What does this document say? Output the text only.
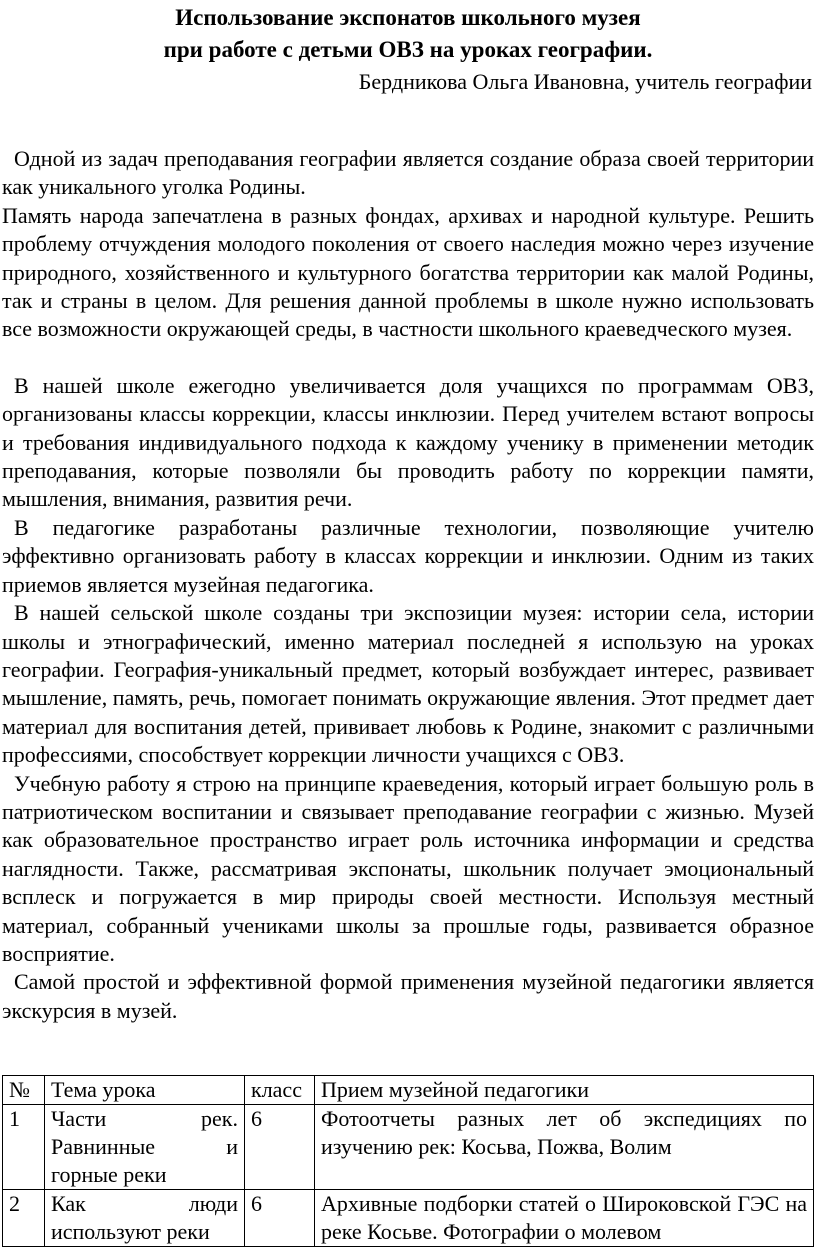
Использование экспонатов школьного музея
при работе с детьми ОВЗ на уроках географии.
Бердникова Ольга Ивановна, учитель географии

Одной из задач преподавания географии является создание образа своей территории как уникального уголка Родины.

Память народа запечатлена в разных фондах, архивах и народной культуре. Решить проблему отчуждения молодого поколения от своего наследия можно через изучение природного, хозяйственного и культурного богатства территории как малой Родины, так и страны в целом. Для решения данной проблемы в школе нужно использовать все возможности окружающей среды, в частности школьного краеведческого музея.

В нашей школе ежегодно увеличивается доля учащихся по программам ОВЗ, организованы классы коррекции, классы инклюзии. Перед учителем встают вопросы и требования индивидуального подхода к каждому ученику в применении методик преподавания, которые позволяли бы проводить работу по коррекции памяти, мышления, внимания, развития речи.

В педагогике разработаны различные технологии, позволяющие учителю эффективно организовать работу в классах коррекции и инклюзии. Одним из таких приемов является музейная педагогика.

В нашей сельской школе созданы три экспозиции музея: истории села, истории школы и этнографический, именно материал последней я использую на уроках географии. География-уникальный предмет, который возбуждает интерес, развивает мышление, память, речь, помогает понимать окружающие явления. Этот предмет дает материал для воспитания детей, прививает любовь к Родине, знакомит с различными профессиями, способствует коррекции личности учащихся с ОВЗ.

Учебную работу я строю на принципе краеведения, который играет большую роль в патриотическом воспитании и связывает преподавание географии с жизнью. Музей как образовательное пространство играет роль источника информации и средства наглядности. Также, рассматривая экспонаты, школьник получает эмоциональный всплеск и погружается в мир природы своей местности. Используя местный материал, собранный учениками школы за прошлые годы, развивается образное восприятие.

Самой простой и эффективной формой применения музейной педагогики является экскурсия в музей.

№	Тема урока	класс	Прием музейной педагогики
1	Части рек. Равнинные и горные реки	6	Фотоотчеты разных лет об экспедициях по изучению рек: Косьва, Пожва, Волим
2	Как люди используют реки	6	Архивные подборки статей о Широковской ГЭС на реке Косьве. Фотографии о молевом
